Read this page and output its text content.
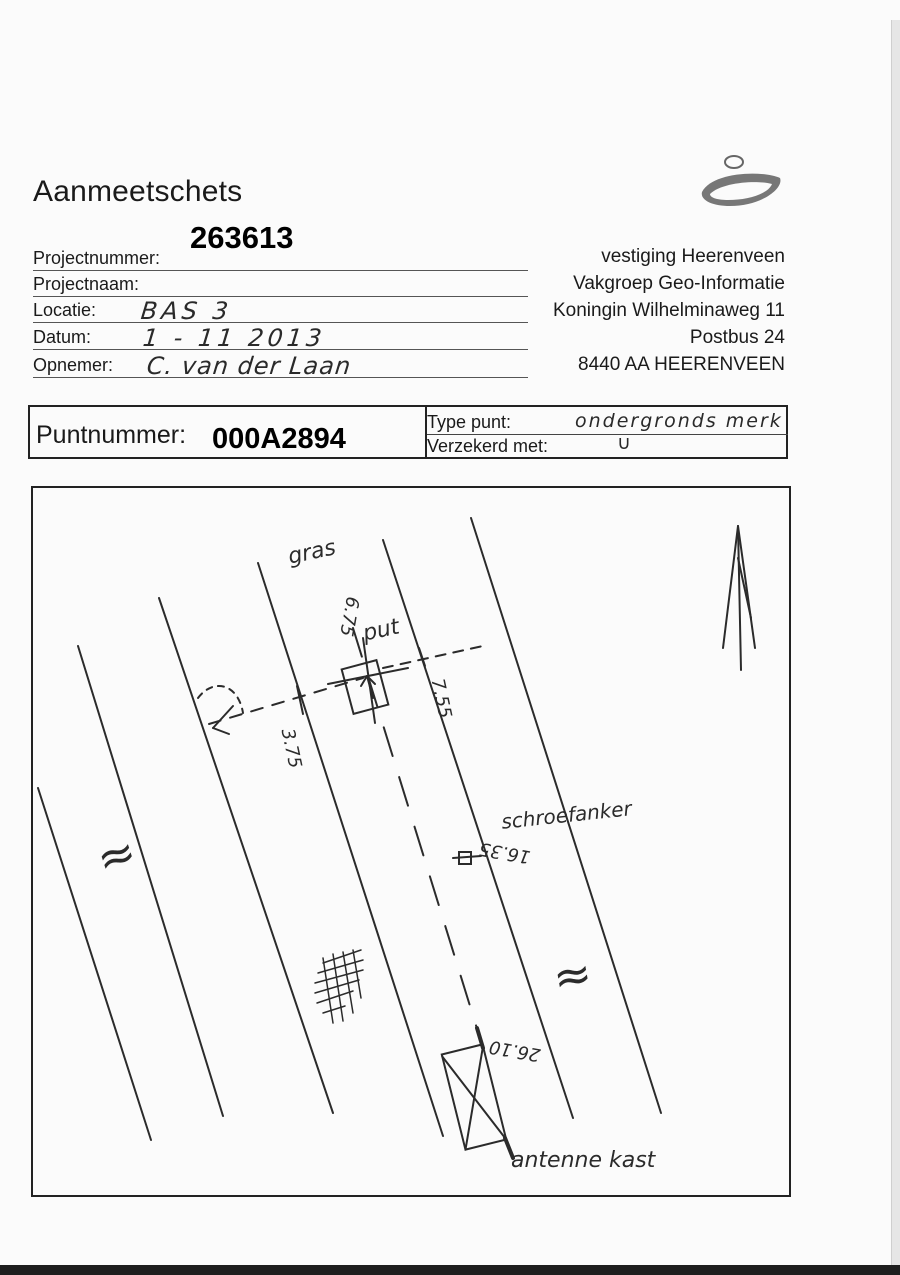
Aanmeetschets
263613
Projectnummer:
Projectnaam:
Locatie: BAS 3
Datum: 1 - 11 2013
Opnemer: C. van der Laan
vestiging Heerenveen
Vakgroep Geo-Informatie
Koningin Wilhelminaweg 11
Postbus 24
8440 AA HEERENVEEN
Puntnummer: 000A2894
Type punt:	ondergronds merk
Verzekerd met:	∪
gras
put
6.75
3.75
7.55
schroefanker
16.35
26.10
antenne kast
≈
≈
